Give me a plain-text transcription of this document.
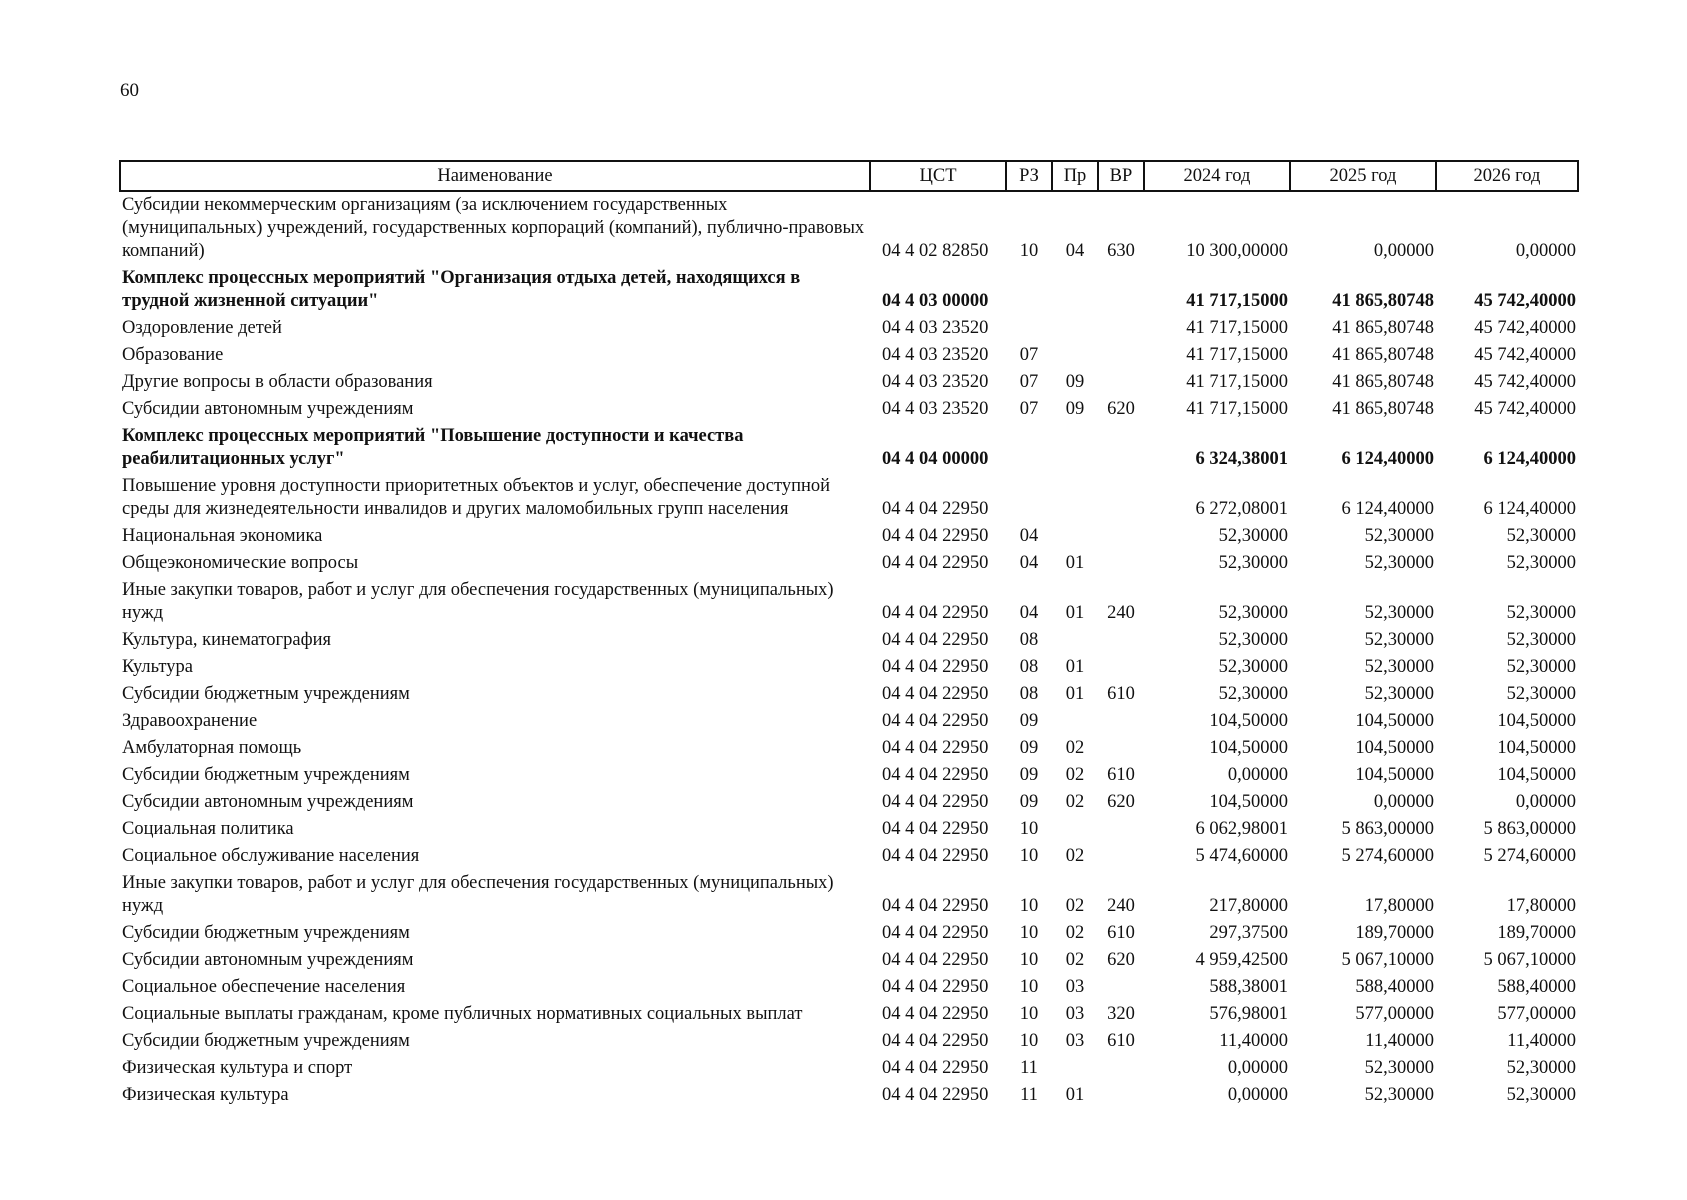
60
Наименование	ЦСТ	РЗ	Пр	ВР	2024 год	2025 год	2026 год
Субсидии некоммерческим организациям (за исключением государственных (муниципальных) учреждений, государственных корпораций (компаний), публично-правовых компаний)	04 4 02 82850	10	04	630	10 300,00000	0,00000	0,00000
Комплекс процессных мероприятий "Организация отдыха детей, находящихся в трудной жизненной ситуации"	04 4 03 00000				41 717,15000	41 865,80748	45 742,40000
Оздоровление детей	04 4 03 23520				41 717,15000	41 865,80748	45 742,40000
Образование	04 4 03 23520	07			41 717,15000	41 865,80748	45 742,40000
Другие вопросы в области образования	04 4 03 23520	07	09		41 717,15000	41 865,80748	45 742,40000
Субсидии автономным учреждениям	04 4 03 23520	07	09	620	41 717,15000	41 865,80748	45 742,40000
Комплекс процессных мероприятий "Повышение доступности и качества реабилитационных услуг"	04 4 04 00000				6 324,38001	6 124,40000	6 124,40000
Повышение уровня доступности приоритетных объектов и услуг, обеспечение доступной среды для жизнедеятельности инвалидов и других маломобильных групп населения	04 4 04 22950				6 272,08001	6 124,40000	6 124,40000
Национальная экономика	04 4 04 22950	04			52,30000	52,30000	52,30000
Общеэкономические вопросы	04 4 04 22950	04	01		52,30000	52,30000	52,30000
Иные закупки товаров, работ и услуг для обеспечения государственных (муниципальных) нужд	04 4 04 22950	04	01	240	52,30000	52,30000	52,30000
Культура, кинематография	04 4 04 22950	08			52,30000	52,30000	52,30000
Культура	04 4 04 22950	08	01		52,30000	52,30000	52,30000
Субсидии бюджетным учреждениям	04 4 04 22950	08	01	610	52,30000	52,30000	52,30000
Здравоохранение	04 4 04 22950	09			104,50000	104,50000	104,50000
Амбулаторная помощь	04 4 04 22950	09	02		104,50000	104,50000	104,50000
Субсидии бюджетным учреждениям	04 4 04 22950	09	02	610	0,00000	104,50000	104,50000
Субсидии автономным учреждениям	04 4 04 22950	09	02	620	104,50000	0,00000	0,00000
Социальная политика	04 4 04 22950	10			6 062,98001	5 863,00000	5 863,00000
Социальное обслуживание населения	04 4 04 22950	10	02		5 474,60000	5 274,60000	5 274,60000
Иные закупки товаров, работ и услуг для обеспечения государственных (муниципальных) нужд	04 4 04 22950	10	02	240	217,80000	17,80000	17,80000
Субсидии бюджетным учреждениям	04 4 04 22950	10	02	610	297,37500	189,70000	189,70000
Субсидии автономным учреждениям	04 4 04 22950	10	02	620	4 959,42500	5 067,10000	5 067,10000
Социальное обеспечение населения	04 4 04 22950	10	03		588,38001	588,40000	588,40000
Социальные выплаты гражданам, кроме публичных нормативных социальных выплат	04 4 04 22950	10	03	320	576,98001	577,00000	577,00000
Субсидии бюджетным учреждениям	04 4 04 22950	10	03	610	11,40000	11,40000	11,40000
Физическая культура и спорт	04 4 04 22950	11			0,00000	52,30000	52,30000
Физическая культура	04 4 04 22950	11	01		0,00000	52,30000	52,30000
